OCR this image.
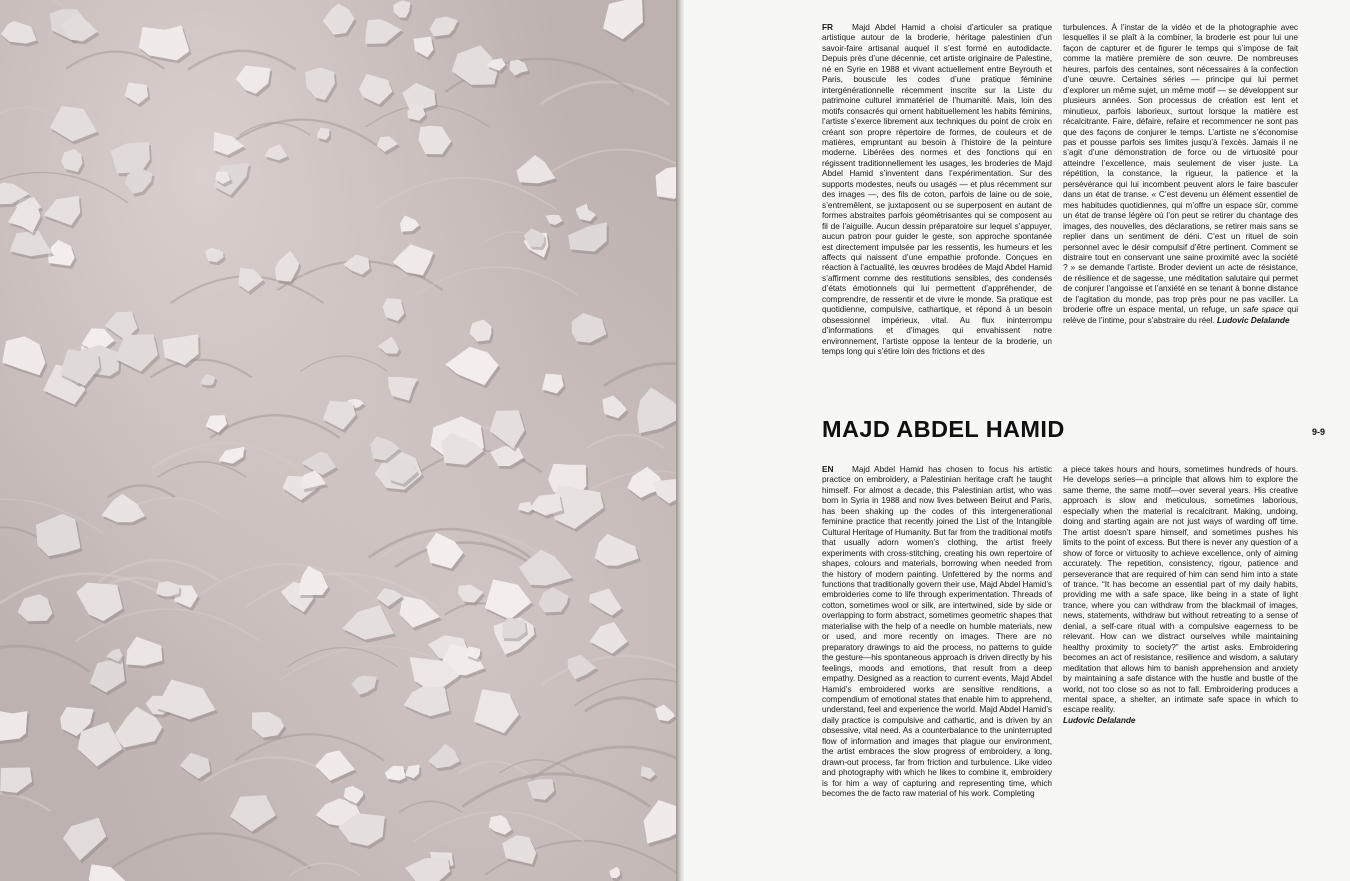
FR Majd Abdel Hamid a choisi d’articuler sa pratique artistique autour de la broderie, héritage palestinien d’un savoir-faire artisanal auquel il s’est formé en autodidacte. Depuis près d’une décennie, cet artiste originaire de Palestine, né en Syrie en 1988 et vivant actuellement entre Beyrouth et Paris, bouscule les codes d’une pratique féminine intergénérationnelle récemment inscrite sur la Liste du patrimoine culturel immatériel de l’humanité. Mais, loin des motifs consacrés qui ornent habituellement les habits féminins, l’artiste s’exerce librement aux techniques du point de croix en créant son propre répertoire de formes, de couleurs et de matières, empruntant au besoin à l’histoire de la peinture moderne. Libérées des normes et des fonctions qui en régissent traditionnellement les usages, les broderies de Majd Abdel Hamid s’inventent dans l’expérimentation. Sur des supports modestes, neufs ou usagés — et plus récemment sur des images —, des fils de coton, parfois de laine ou de soie, s’entremêlent, se juxtaposent ou se superposent en autant de formes abstraites parfois géométrisantes qui se composent au fil de l’aiguille. Aucun dessin préparatoire sur lequel s’appuyer, aucun patron pour guider le geste, son approche spontanée est directement impulsée par les ressentis, les humeurs et les affects qui naissent d’une empathie profonde. Conçues en réaction à l’actualité, les œuvres brodées de Majd Abdel Hamid s’affirment comme des restitutions sensibles, des condensés d’états émotionnels qui lui permettent d’appréhender, de comprendre, de ressentir et de vivre le monde. Sa pratique est quotidienne, compulsive, cathartique, et répond à un besoin obsessionnel impérieux, vital. Au flux ininterrompu d’informations et d’images qui envahissent notre environnement, l’artiste oppose la lenteur de la broderie, un temps long qui s’étire loin des frictions et des

turbulences. À l’instar de la vidéo et de la photographie avec lesquelles il se plaît à la combiner, la broderie est pour lui une façon de capturer et de figurer le temps qui s’impose de fait comme la matière première de son œuvre. De nombreuses heures, parfois des centaines, sont nécessaires à la confection d’une œuvre. Certaines séries — principe qui lui permet d’explorer un même sujet, un même motif — se développent sur plusieurs années. Son processus de création est lent et minutieux, parfois laborieux, surtout lorsque la matière est récalcitrante. Faire, défaire, refaire et recommencer ne sont pas que des façons de conjurer le temps. L’artiste ne s’économise pas et pousse parfois ses limites jusqu’à l’excès. Jamais il ne s’agit d’une démonstration de force ou de virtuosité pour atteindre l’excellence, mais seulement de viser juste. La répétition, la constance, la rigueur, la patience et la persévérance qui lui incombent peuvent alors le faire basculer dans un état de transe. « C’est devenu un élément essentiel de mes habitudes quotidiennes, qui m’offre un espace sûr, comme un état de transe légère où l’on peut se retirer du chantage des images, des nouvelles, des déclarations, se retirer mais sans se replier dans un sentiment de déni. C’est un rituel de soin personnel avec le désir compulsif d’être pertinent. Comment se distraire tout en conservant une saine proximité avec la société ? » se demande l’artiste. Broder devient un acte de résistance, de résilience et de sagesse, une méditation salutaire qui permet de conjurer l’angoisse et l’anxiété en se tenant à bonne distance de l’agitation du monde, pas trop près pour ne pas vaciller. La broderie offre un espace mental, un refuge, un safe space qui relève de l’intime, pour s’abstraire du réel. Ludovic Delalande

MAJD ABDEL HAMID	9-9

EN Majd Abdel Hamid has chosen to focus his artistic practice on embroidery, a Palestinian heritage craft he taught himself. For almost a decade, this Palestinian artist, who was born in Syria in 1988 and now lives between Beirut and Paris, has been shaking up the codes of this intergenerational feminine practice that recently joined the List of the Intangible Cultural Heritage of Humanity. But far from the traditional motifs that usually adorn women’s clothing, the artist freely experiments with cross-stitching, creating his own repertoire of shapes, colours and materials, borrowing when needed from the history of modern painting. Unfettered by the norms and functions that traditionally govern their use, Majd Abdel Hamid’s embroideries come to life through experimentation. Threads of cotton, sometimes wool or silk, are intertwined, side by side or overlapping to form abstract, sometimes geometric shapes that materialise with the help of a needle on humble materials, new or used, and more recently on images. There are no preparatory drawings to aid the process, no patterns to guide the gesture—his spontaneous approach is driven directly by his feelings, moods and emotions, that result from a deep empathy. Designed as a reaction to current events, Majd Abdel Hamid’s embroidered works are sensitive renditions, a compendium of emotional states that enable him to apprehend, understand, feel and experience the world. Majd Abdel Hamid’s daily practice is compulsive and cathartic, and is driven by an obsessive, vital need. As a counterbalance to the uninterrupted flow of information and images that plague our environment, the artist embraces the slow progress of embroidery, a long, drawn-out process, far from friction and turbulence. Like video and photography with which he likes to combine it, embroidery is for him a way of capturing and representing time, which becomes the de facto raw material of his work. Completing

a piece takes hours and hours, sometimes hundreds of hours. He develops series—a principle that allows him to explore the same theme, the same motif—over several years. His creative approach is slow and meticulous, sometimes laborious, especially when the material is recalcitrant. Making, undoing, doing and starting again are not just ways of warding off time. The artist doesn’t spare himself, and sometimes pushes his limits to the point of excess. But there is never any question of a show of force or virtuosity to achieve excellence, only of aiming accurately. The repetition, consistency, rigour, patience and perseverance that are required of him can send him into a state of trance. “It has become an essential part of my daily habits, providing me with a safe space, like being in a state of light trance, where you can withdraw from the blackmail of images, news, statements, withdraw but without retreating to a sense of denial, a self-care ritual with a compulsive eagerness to be relevant. How can we distract ourselves while maintaining healthy proximity to society?” the artist asks. Embroidering becomes an act of resistance, resilience and wisdom, a salutary meditation that allows him to banish apprehension and anxiety by maintaining a safe distance with the hustle and bustle of the world, not too close so as not to fall. Embroidering produces a mental space, a shelter, an intimate safe space in which to escape reality.
Ludovic Delalande
